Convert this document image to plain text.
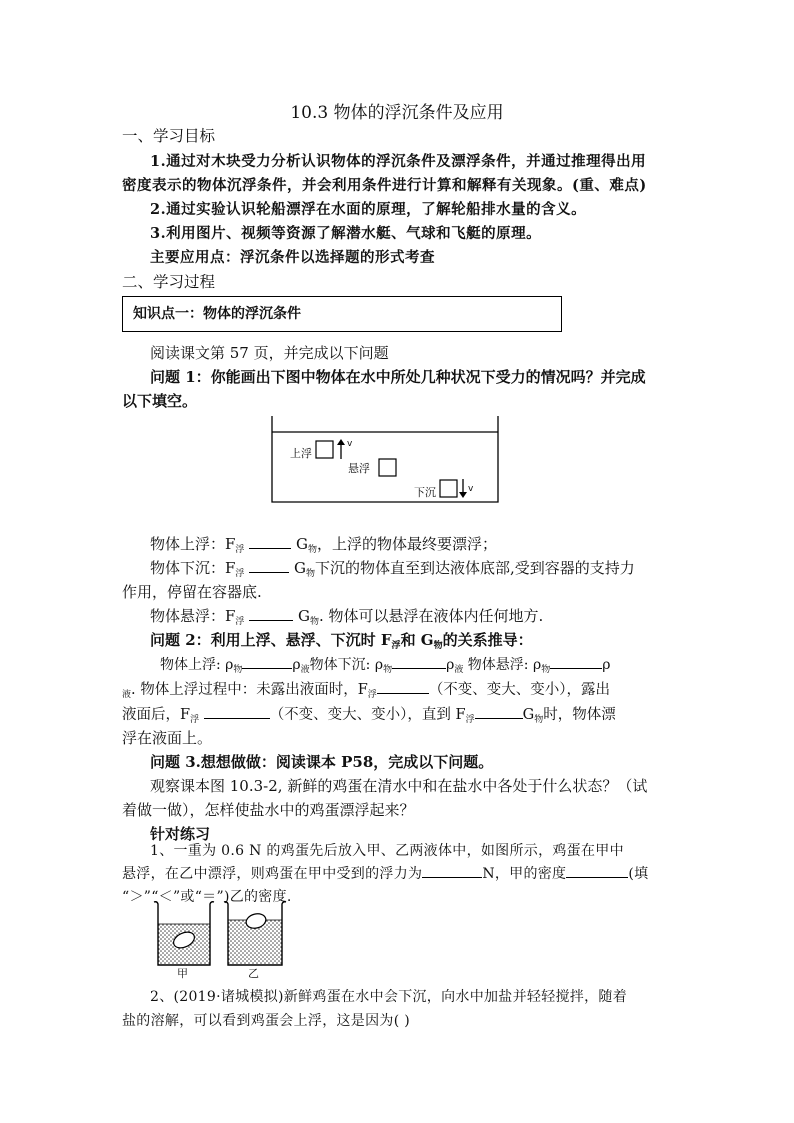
10.3 物体的浮沉条件及应用
一、学习目标
1.通过对木块受力分析认识物体的浮沉条件及漂浮条件，并通过推理得出用
密度表示的物体沉浮条件，并会利用条件进行计算和解释有关现象。(重、难点)
2.通过实验认识轮船漂浮在水面的原理，了解轮船排水量的含义。
3.利用图片、视频等资源了解潜水艇、气球和飞艇的原理。
主要应用点：浮沉条件以选择题的形式考查
二、学习过程
知识点一：物体的浮沉条件
阅读课文第 57 页，并完成以下问题
问题 1：你能画出下图中物体在水中所处几种状况下受力的情况吗？并完成
以下填空。
上浮
v
悬浮
下沉	v
物体上浮：$F_浮$	$G_物$，上浮的物体最终要漂浮；
物体下沉：$F_浮$	$G_物$下沉的物体直至到达液体底部,受到容器的支持力
作用，停留在容器底.
物体悬浮：$F_浮$	$G_物$. 物体可以悬浮在液体内任何地方.
问题 2：利用上浮、悬浮、下沉时 $F_浮$和 $G_物$的关系推导：
物体上浮: $\rho_物$	$\rho_液$物体下沉: $\rho_物$	$\rho_液$ 物体悬浮: $\rho_物$	ρ
$_液$. 物体上浮过程中：未露出液面时，$F_浮$	（不变、变大、变小），露出
液面后，$F_浮$	（不变、变大、变小），直到 $F_浮$	$G_物$时，物体漂
浮在液面上。
问题 3.想想做做：阅读课本 P58，完成以下问题。
观察课本图 10.3-2, 新鲜的鸡蛋在清水中和在盐水中各处于什么状态？（试
着做一做），怎样使盐水中的鸡蛋漂浮起来？
针对练习
1、一重为 0.6 N 的鸡蛋先后放入甲、乙两液体中，如图所示，鸡蛋在甲中
悬浮，在乙中漂浮，则鸡蛋在甲中受到的浮力为	N，甲的密度	(填
“＞”“＜”或“＝”)乙的密度.
甲	乙
2、(2019·诸城模拟)新鲜鸡蛋在水中会下沉，向水中加盐并轻轻搅拌，随着
盐的溶解，可以看到鸡蛋会上浮，这是因为( )
